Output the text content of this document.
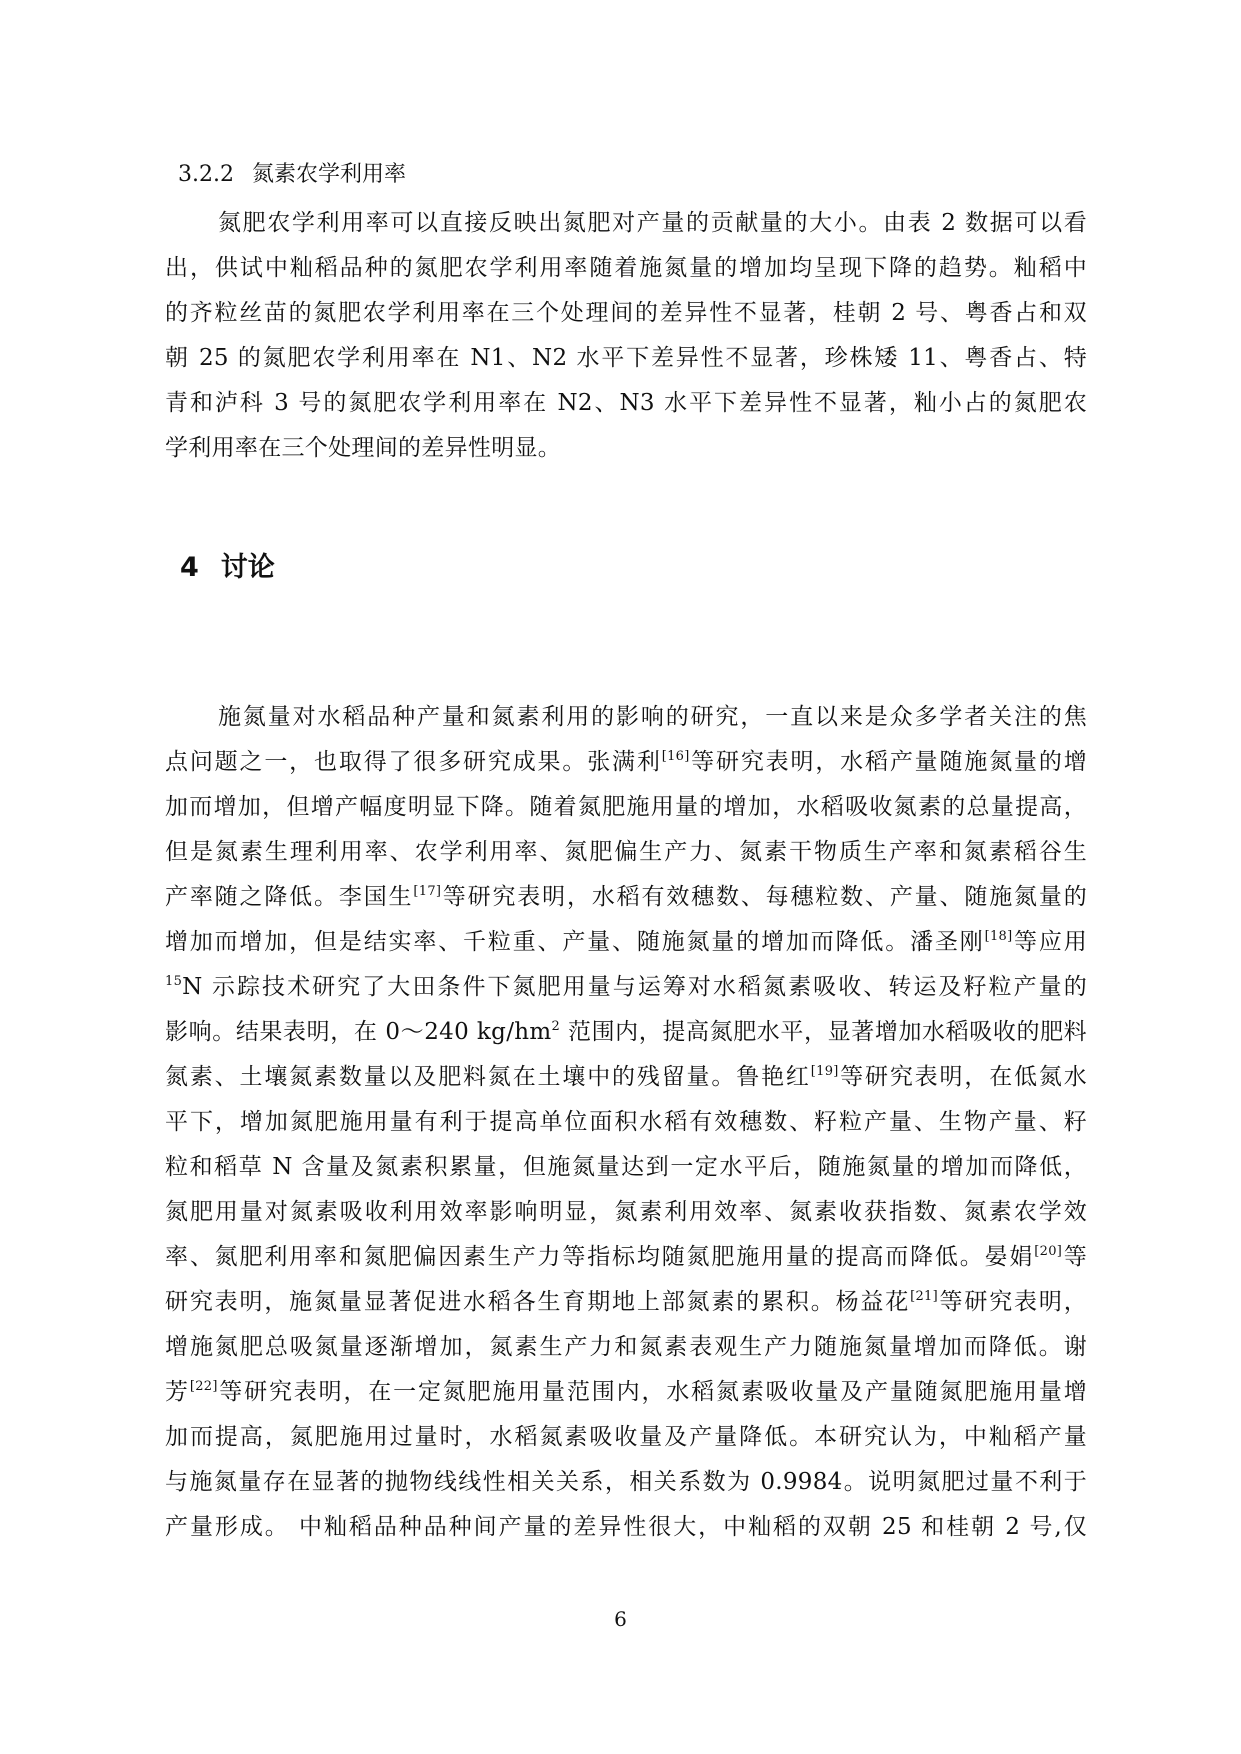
3.2.2 氮素农学利用率
氮肥农学利用率可以直接反映出氮肥对产量的贡献量的大小。由表 2 数据可以看
出，供试中籼稻品种的氮肥农学利用率随着施氮量的增加均呈现下降的趋势。籼稻中
的齐粒丝苗的氮肥农学利用率在三个处理间的差异性不显著，桂朝 2 号、粤香占和双
朝 25 的氮肥农学利用率在 N1、N2 水平下差异性不显著，珍株矮 11、粤香占、特
青和泸科 3 号的氮肥农学利用率在 N2、N3 水平下差异性不显著，籼小占的氮肥农
学利用率在三个处理间的差异性明显。
4 讨论
施氮量对水稻品种产量和氮素利用的影响的研究，一直以来是众多学者关注的焦
点问题之一，也取得了很多研究成果。张满利[16]等研究表明，水稻产量随施氮量的增
加而增加，但增产幅度明显下降。随着氮肥施用量的增加，水稻吸收氮素的总量提高，
但是氮素生理利用率、农学利用率、氮肥偏生产力、氮素干物质生产率和氮素稻谷生
产率随之降低。李国生[17]等研究表明，水稻有效穗数、每穗粒数、产量、随施氮量的
增加而增加，但是结实率、千粒重、产量、随施氮量的增加而降低。潘圣刚[18]等应用
$^{15}$N 示踪技术研究了大田条件下氮肥用量与运筹对水稻氮素吸收、转运及籽粒产量的
影响。结果表明，在 0～240 $kg/hm^2$ 范围内，提高氮肥水平，显著增加水稻吸收的肥料
氮素、土壤氮素数量以及肥料氮在土壤中的残留量。鲁艳红[19]等研究表明，在低氮水
平下，增加氮肥施用量有利于提高单位面积水稻有效穗数、籽粒产量、生物产量、籽
粒和稻草 N 含量及氮素积累量，但施氮量达到一定水平后，随施氮量的增加而降低，
氮肥用量对氮素吸收利用效率影响明显，氮素利用效率、氮素收获指数、氮素农学效
率、氮肥利用率和氮肥偏因素生产力等指标均随氮肥施用量的提高而降低。晏娟[20]等
研究表明，施氮量显著促进水稻各生育期地上部氮素的累积。杨益花[21]等研究表明，
增施氮肥总吸氮量逐渐增加，氮素生产力和氮素表观生产力随施氮量增加而降低。谢
芳[22]等研究表明，在一定氮肥施用量范围内，水稻氮素吸收量及产量随氮肥施用量增
加而提高，氮肥施用过量时，水稻氮素吸收量及产量降低。本研究认为，中籼稻产量
与施氮量存在显著的抛物线线性相关关系，相关系数为 0.9984。说明氮肥过量不利于
产量形成。 中籼稻品种品种间产量的差异性很大，中籼稻的双朝 25 和桂朝 2 号,仅
6
